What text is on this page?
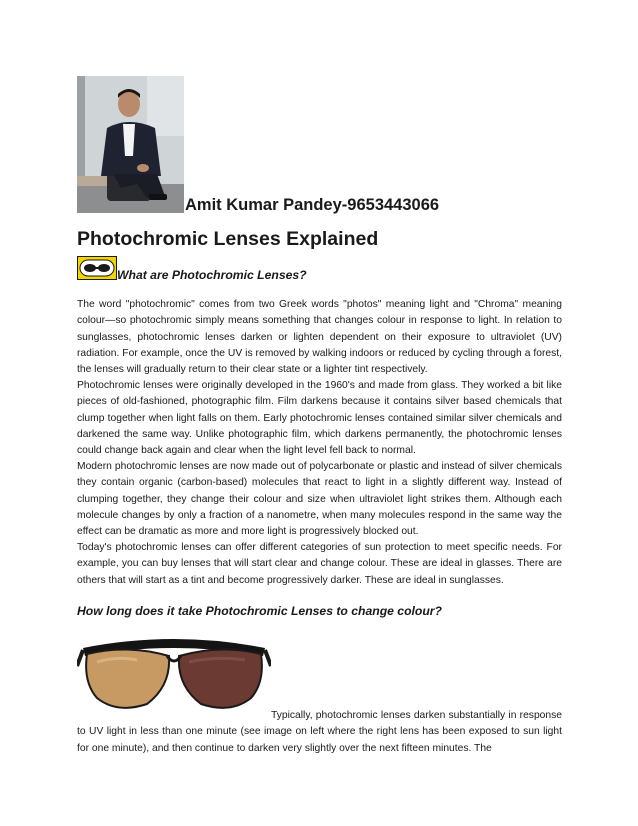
Amit Kumar Pandey-9653443066
Photochromic Lenses Explained
What are Photochromic Lenses?

The word "photochromic" comes from two Greek words "photos" meaning light and "Chroma" meaning colour—so photochromic simply means something that changes colour in response to light. In relation to sunglasses, photochromic lenses darken or lighten dependent on their exposure to ultraviolet (UV) radiation. For example, once the UV is removed by walking indoors or reduced by cycling through a forest, the lenses will gradually return to their clear state or a lighter tint respectively.

Photochromic lenses were originally developed in the 1960's and made from glass. They worked a bit like pieces of old-fashioned, photographic film. Film darkens because it contains silver based chemicals that clump together when light falls on them. Early photochromic lenses contained similar silver chemicals and darkened the same way. Unlike photographic film, which darkens permanently, the photochromic lenses could change back again and clear when the light level fell back to normal.

Modern photochromic lenses are now made out of polycarbonate or plastic and instead of silver chemicals they contain organic (carbon-based) molecules that react to light in a slightly different way. Instead of clumping together, they change their colour and size when ultraviolet light strikes them. Although each molecule changes by only a fraction of a nanometre, when many molecules respond in the same way the effect can be dramatic as more and more light is progressively blocked out.

Today's photochromic lenses can offer different categories of sun protection to meet specific needs. For example, you can buy lenses that will start clear and change colour. These are ideal in glasses. There are others that will start as a tint and become progressively darker. These are ideal in sunglasses.

How long does it take Photochromic Lenses to change colour?

Typically, photochromic lenses darken substantially in response to UV light in less than one minute (see image on left where the right lens has been exposed to sun light for one minute), and then continue to darken very slightly over the next fifteen minutes. The
